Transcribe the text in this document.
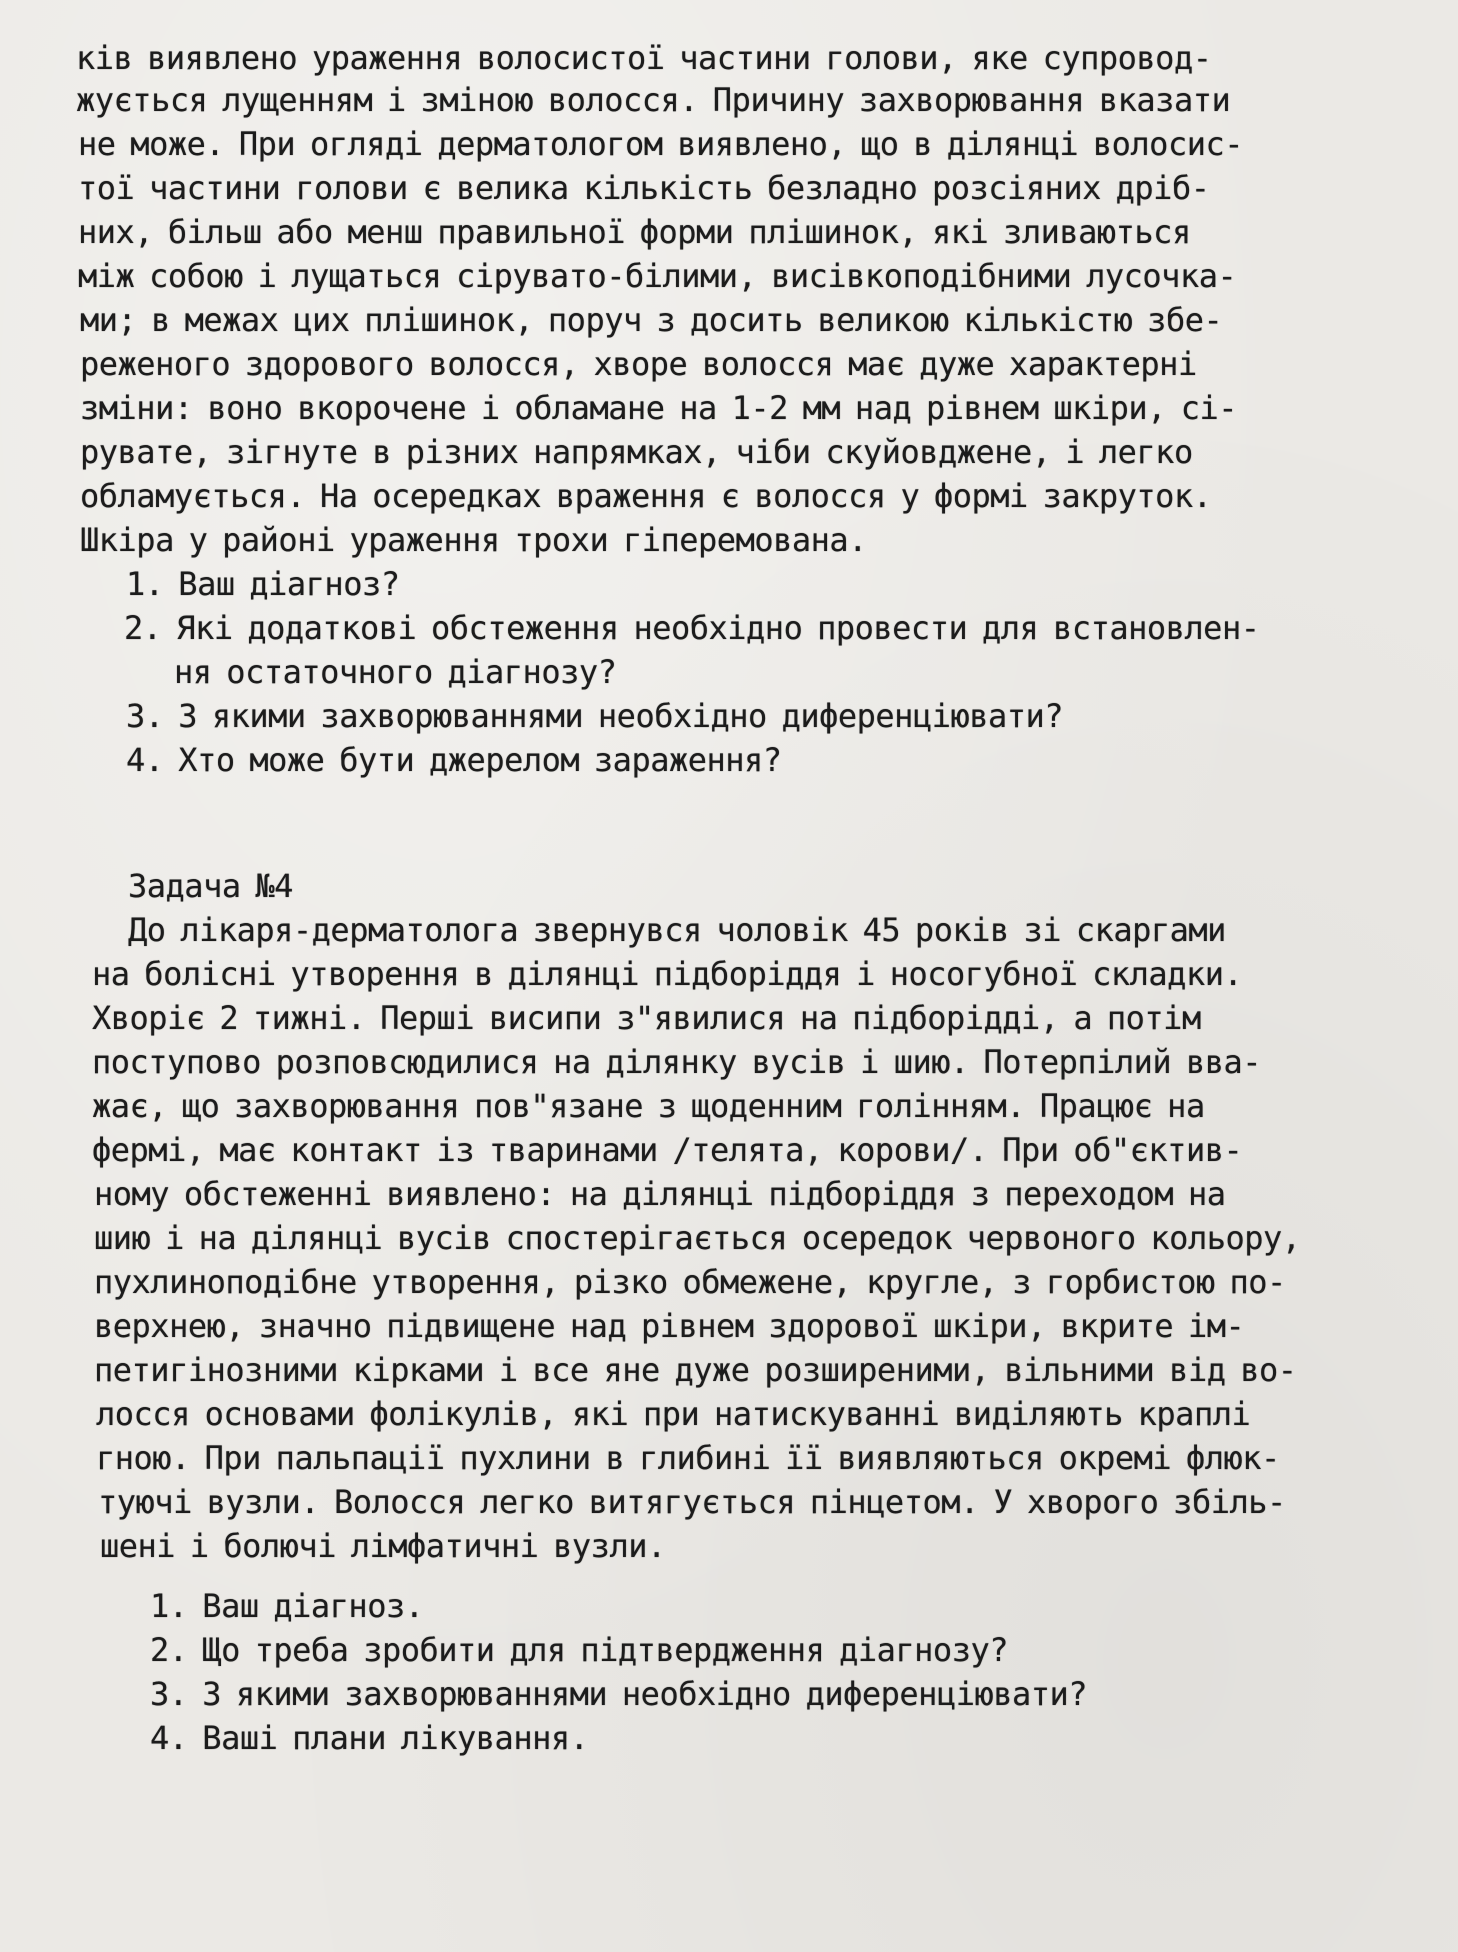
ків виявлено ураження волосистої частини голови, яке супровод-
жується лущенням і зміною волосся. Причину захворювання вказати
не може. При огляді дерматологом виявлено, що в ділянці волосис-
тої частини голови є велика кількість безладно розсіяних дріб-
них, більш або менш правильної форми плішинок, які зливаються
між собою і лущаться сірувато-білими, висівкоподібними лусочка-
ми; в межах цих плішинок, поруч з досить великою кількістю збе-
реженого здорового волосся, хворе волосся має дуже характерні
зміни: воно вкорочене і обламане на 1-2 мм над рівнем шкіри, сі-
рувате, зігнуте в різних напрямках, чіби скуйовджене, і легко
обламується. На осередках враження є волосся у формі закруток.
Шкіра у районі ураження трохи гіперемована.
1. Ваш діагноз?
2. Які додаткові обстеження необхідно провести для встановлен-
ня остаточного діагнозу?
3. З якими захворюваннями необхідно диференціювати?
4. Хто може бути джерелом зараження?
Задача №4
До лікаря-дерматолога звернувся чоловік 45 років зі скаргами
на болісні утворення в ділянці підборіддя і носогубної складки.
Хворіє 2 тижні. Перші висипи з"явилися на підборідді, а потім
поступово розповсюдилися на ділянку вусів і шию. Потерпілий вва-
жає, що захворювання пов"язане з щоденним голінням. Працює на
фермі, має контакт із тваринами /телята, корови/. При об"єктив-
ному обстеженні виявлено: на ділянці підборіддя з переходом на
шию і на ділянці вусів спостерігається осередок червоного кольору,
пухлиноподібне утворення, різко обмежене, кругле, з горбистою по-
верхнею, значно підвищене над рівнем здорової шкіри, вкрите ім-
петигінозними кірками і все яне дуже розширеними, вільними від во-
лосся основами фолікулів, які при натискуванні виділяють краплі
гною. При пальпації пухлини в глибині її виявляються окремі флюк-
туючі вузли. Волосся легко витягується пінцетом. У хворого збіль-
шені і болючі лімфатичні вузли.
1. Ваш діагноз.
2. Що треба зробити для підтвердження діагнозу?
3. З якими захворюваннями необхідно диференціювати?
4. Ваші плани лікування.
